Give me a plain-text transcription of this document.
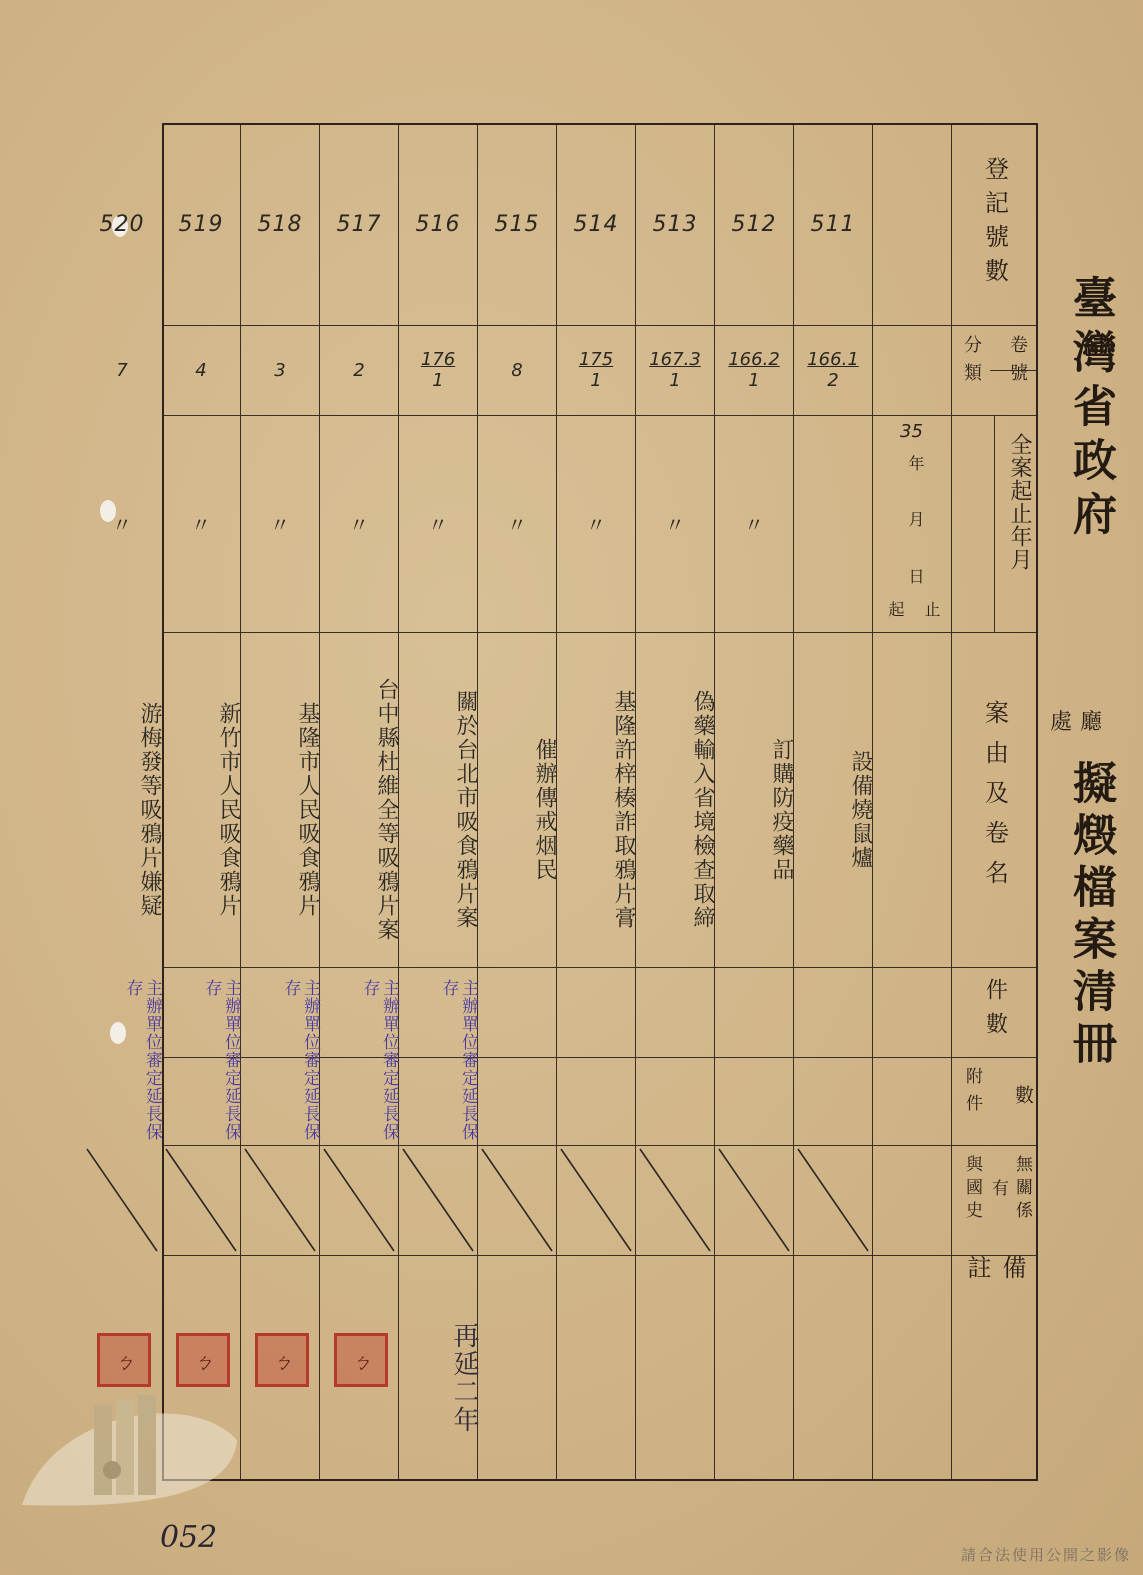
臺灣省政府
處廳
擬燬檔案清冊
登記號數
分類 卷號
全案起止年月
案由及卷名
件數
附件 數
與國史 有 無關係
備註
35
年
月
日
起 止
511
$\frac{166.1}{2}$
設備燒鼠爐
512
$\frac{166.2}{1}$
〃
訂購防疫藥品
513
$\frac{167.3}{1}$
〃
偽藥輸入省境檢查取締
514
$\frac{175}{1}$
〃
基隆許梓楱詐取鴉片膏
515
8
〃
催辦傳戒烟民
516
$\frac{176}{1}$
〃
關於台北市吸食鴉片案
主辦單位審定延長保存
再延二年
517
2
〃
台中縣杜維全等吸鴉片案
主辦單位審定延長保存
ㄅ
518
3
〃
基隆市人民吸食鴉片
主辦單位審定延長保存
ㄅ
519
4
〃
新竹市人民吸食鴉片
主辦單位審定延長保存
ㄅ
520
7
〃
游梅發等吸鴉片嫌疑
主辦單位審定延長保存
ㄅ
052	請合法使用公開之影像
